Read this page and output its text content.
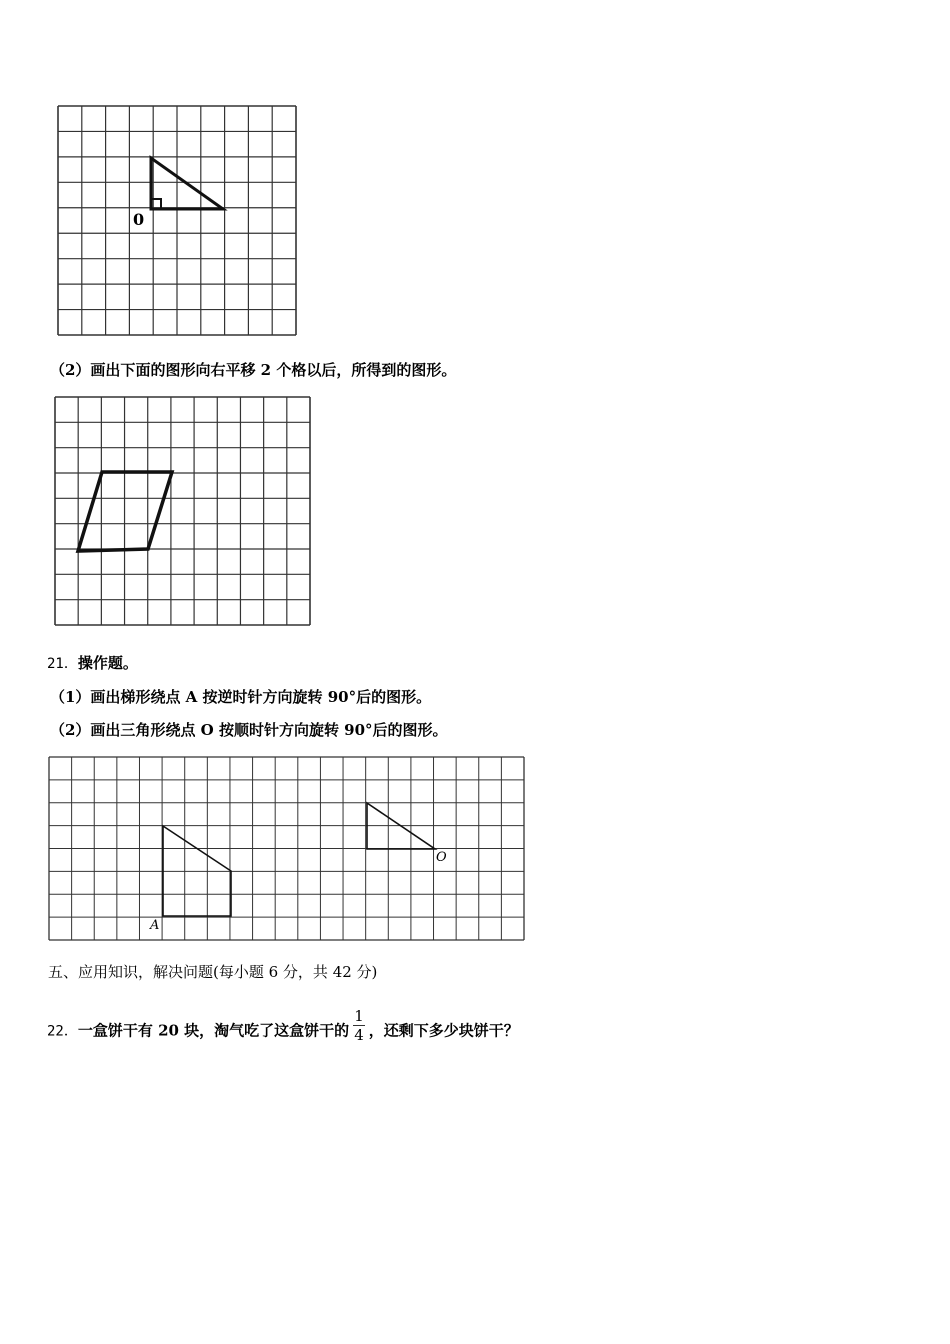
0
（2）画出下面的图形向右平移 2 个格以后，所得到的图形。
21．操作题。
（1）画出梯形绕点 A 按逆时针方向旋转 90°后的图形。
（2）画出三角形绕点 O 按顺时针方向旋转 90°后的图形。
A
O
五、应用知识，解决问题(每小题 6 分，共 42 分)
22．一盒饼干有 20 块，淘气吃了这盒饼干的 $\frac{1}{4}$ ，还剩下多少块饼干？
